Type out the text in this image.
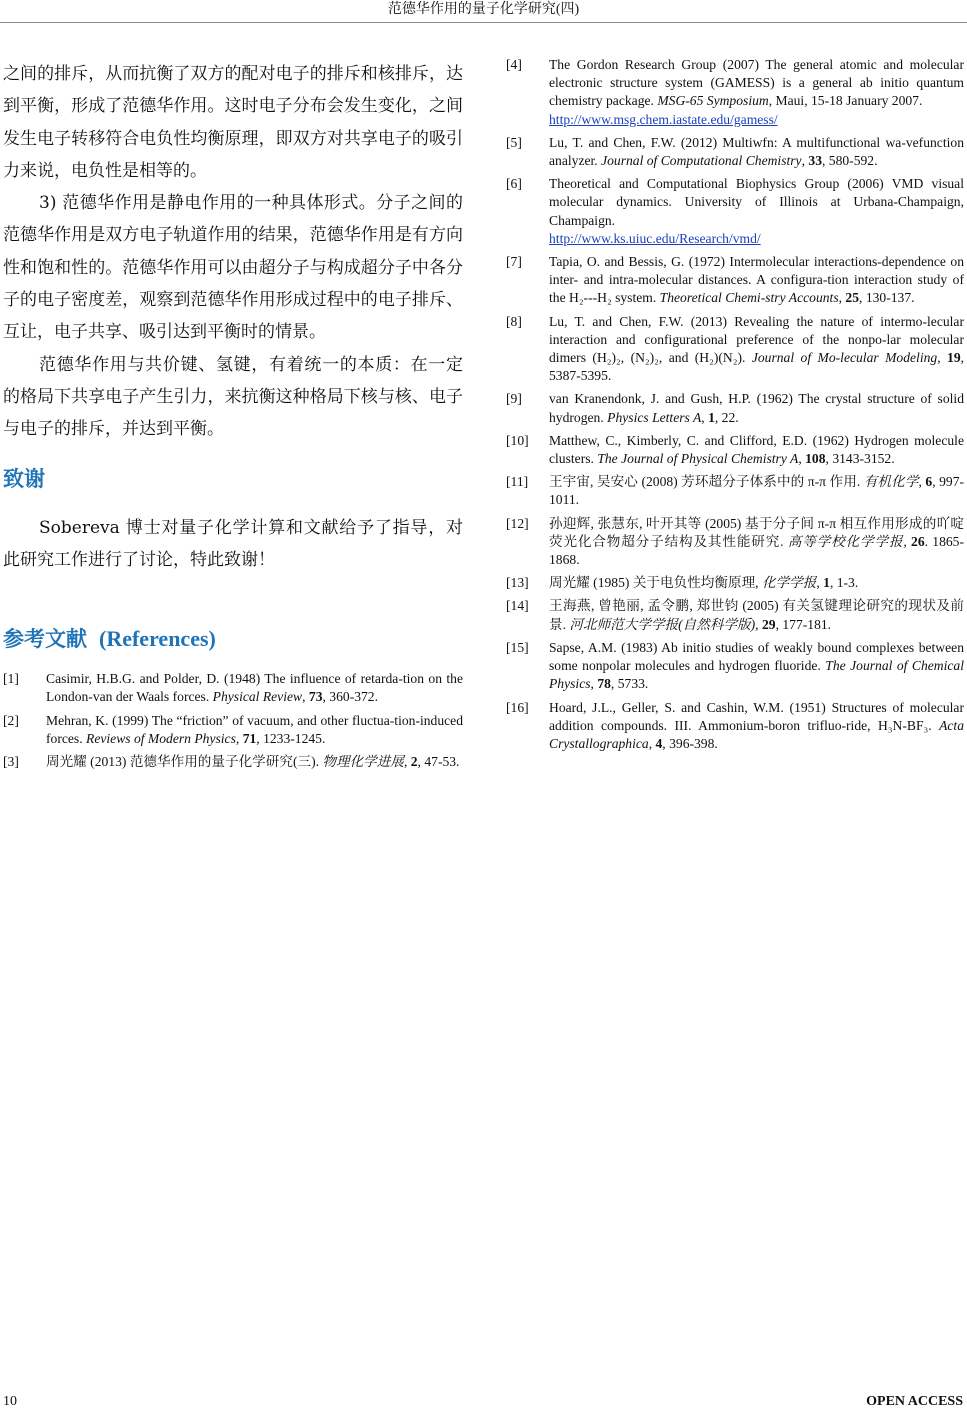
范德华作用的量子化学研究(四)

之间的排斥，从而抗衡了双方的配对电子的排斥和核排斥，达到平衡，形成了范德华作用。这时电子分布会发生变化，之间发生电子转移符合电负性均衡原理，即双方对共享电子的吸引力来说，电负性是相等的。

3) 范德华作用是静电作用的一种具体形式。分子之间的范德华作用是双方电子轨道作用的结果，范德华作用是有方向性和饱和性的。范德华作用可以由超分子与构成超分子中各分子的电子密度差，观察到范德华作用形成过程中的电子排斥、互让，电子共享、吸引达到平衡时的情景。

范德华作用与共价键、氢键，有着统一的本质：在一定的格局下共享电子产生引力，来抗衡这种格局下核与核、电子与电子的排斥，并达到平衡。

致谢

Sobereva 博士对量子化学计算和文献给予了指导，对此研究工作进行了讨论，特此致谢！

参考文献 (References)
[1]	Casimir, H.B.G. and Polder, D. (1948) The influence of retarda-tion on the London-van der Waals forces. Physical Review, 73, 360-372.
[2]	Mehran, K. (1999) The “friction” of vacuum, and other fluctua-tion-induced forces. Reviews of Modern Physics, 71, 1233-1245.
[3]	周光耀 (2013) 范德华作用的量子化学研究(三). 物理化学进展, 2, 47-53.
[4]	The Gordon Research Group (2007) The general atomic and molecular electronic structure system (GAMESS) is a general ab initio quantum chemistry package. MSG-65 Symposium, Maui, 15-18 January 2007.
http://www.msg.chem.iastate.edu/gamess/
[5]	Lu, T. and Chen, F.W. (2012) Multiwfn: A multifunctional wa-vefunction analyzer. Journal of Computational Chemistry, 33, 580-592.
[6]	Theoretical and Computational Biophysics Group (2006) VMD visual molecular dynamics. University of Illinois at Urbana-Champaign, Champaign.
http://www.ks.uiuc.edu/Research/vmd/
[7]	Tapia, O. and Bessis, G. (1972) Intermolecular interactions-dependence on inter- and intra-molecular distances. A configura-tion interaction study of the H₂---H₂ system. Theoretical Chemi-stry Accounts, 25, 130-137.
[8]	Lu, T. and Chen, F.W. (2013) Revealing the nature of intermo-lecular interaction and configurational preference of the nonpo-lar molecular dimers (H₂)₂, (N₂)₂, and (H₂)(N₂). Journal of Mo-lecular Modeling, 19, 5387-5395.
[9]	van Kranendonk, J. and Gush, H.P. (1962) The crystal structure of solid hydrogen. Physics Letters A, 1, 22.
[10]	Matthew, C., Kimberly, C. and Clifford, E.D. (1962) Hydrogen molecule clusters. The Journal of Physical Chemistry A, 108, 3143-3152.
[11]	王宇宙, 吴安心 (2008) 芳环超分子体系中的 π-π 作用. 有机化学, 6, 997-1011.
[12]	孙迎辉, 张慧东, 叶开其等 (2005) 基于分子间 π-π 相互作用形成的吖啶荧光化合物超分子结构及其性能研究. 高等学校化学学报, 26. 1865-1868.
[13]	周光耀 (1985) 关于电负性均衡原理, 化学学报, 1, 1-3.
[14]	王海燕, 曾艳丽, 孟令鹏, 郑世钧 (2005) 有关氢键理论研究的现状及前景. 河北师范大学学报(自然科学版), 29, 177-181.
[15]	Sapse, A.M. (1983) Ab initio studies of weakly bound complexes between some nonpolar molecules and hydrogen fluoride. The Journal of Chemical Physics, 78, 5733.
[16]	Hoard, J.L., Geller, S. and Cashin, W.M. (1951) Structures of molecular addition compounds. III. Ammonium-boron trifluo-ride, H₃N-BF₃. Acta Crystallographica, 4, 396-398.
10	OPEN ACCESS
